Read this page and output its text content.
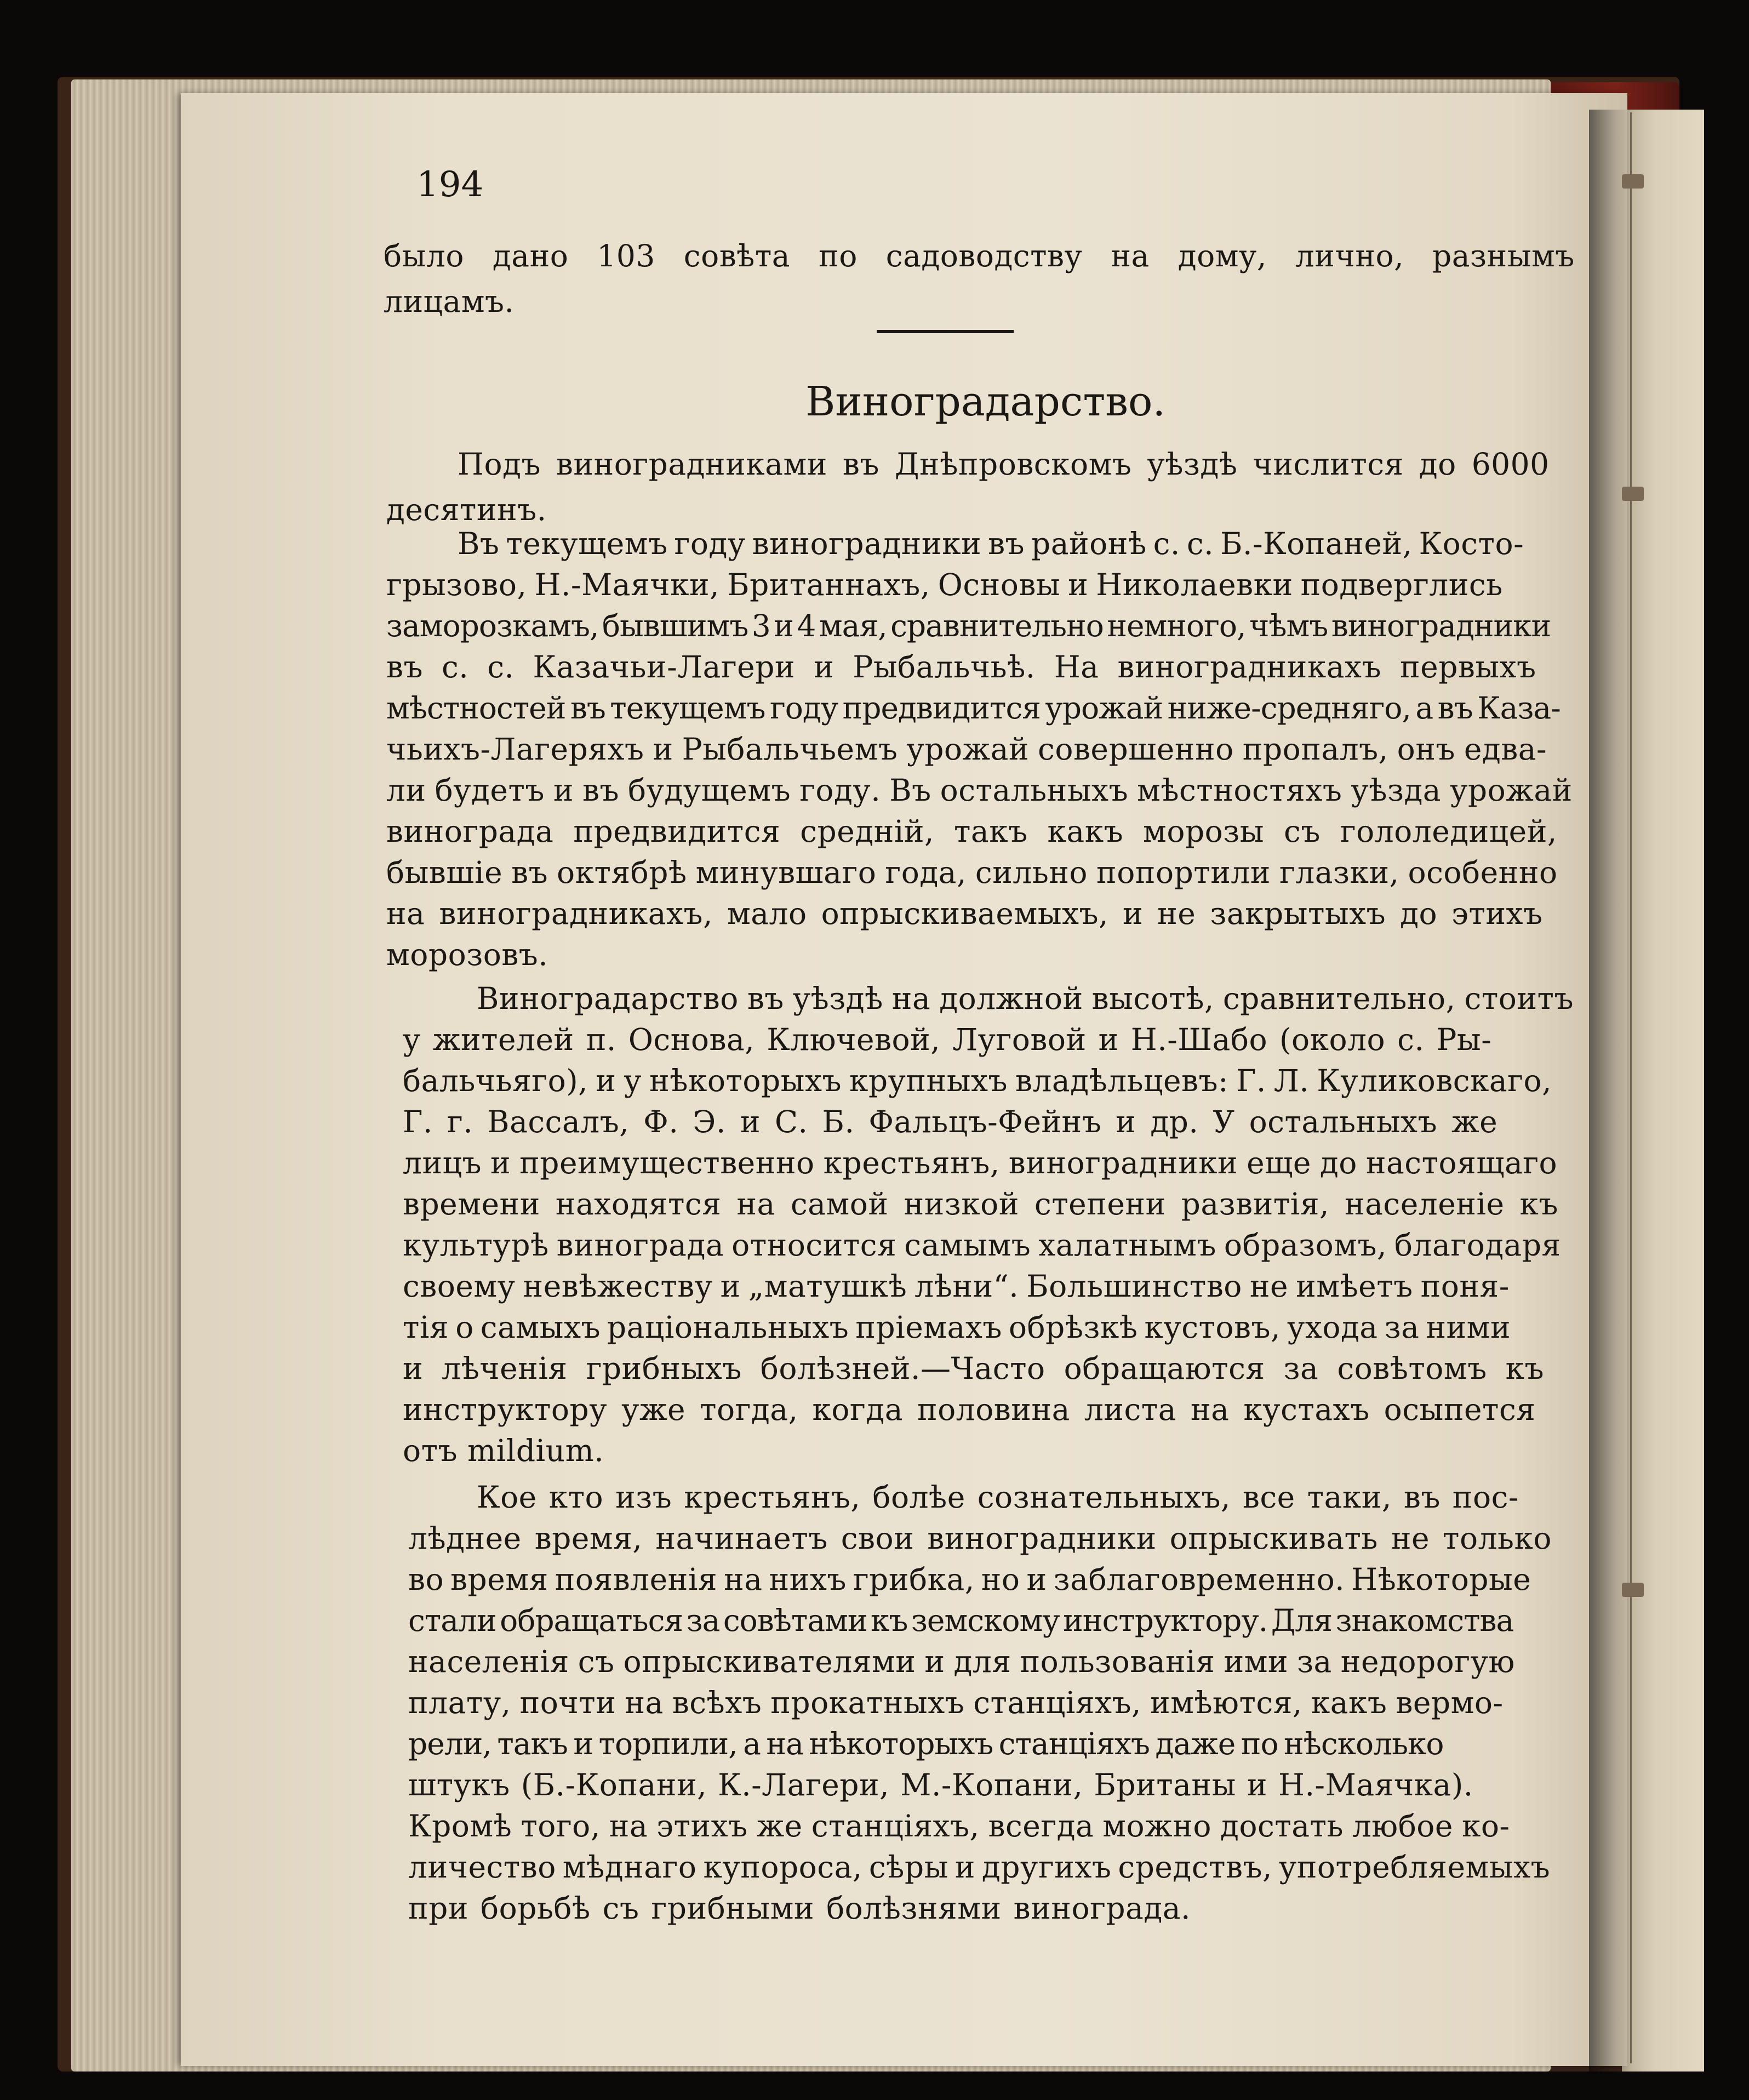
194
было дано 103 совѣта по садоводству на дому, лично, разнымъ
лицамъ.
Виноградарство.
Подъ виноградниками въ Днѣпровскомъ уѣздѣ числится до 6000
десятинъ.
Въ текущемъ году виноградники въ районѣ с. с. Б.-Копаней, Косто-
грызово, Н.-Маячки, Британнахъ, Основы и Николаевки подверглись
заморозкамъ, бывшимъ 3 и 4 мая, сравнительно немного, чѣмъ виноградники
въ с. с. Казачьи-Лагери и Рыбальчьѣ. На виноградникахъ первыхъ
мѣстностей въ текущемъ году предвидится урожай ниже-средняго, а въ Каза-
чьихъ-Лагеряхъ и Рыбальчьемъ урожай совершенно пропалъ, онъ едва-
ли будетъ и въ будущемъ году. Въ остальныхъ мѣстностяхъ уѣзда урожай
винограда предвидится средній, такъ какъ морозы съ гололедицей,
бывшіе въ октябрѣ минувшаго года, сильно попортили глазки, особенно
на виноградникахъ, мало опрыскиваемыхъ, и не закрытыхъ до этихъ
морозовъ.
Виноградарство въ уѣздѣ на должной высотѣ, сравнительно, стоитъ
у жителей п. Основа, Ключевой, Луговой и Н.-Шабо (около с. Ры-
бальчьяго), и у нѣкоторыхъ крупныхъ владѣльцевъ: Г. Л. Куликовскаго,
Г. г. Вассалъ, Ф. Э. и С. Б. Фальцъ-Фейнъ и др. У остальныхъ же
лицъ и преимущественно крестьянъ, виноградники еще до настоящаго
времени находятся на самой низкой степени развитія, населеніе къ
культурѣ винограда относится самымъ халатнымъ образомъ, благодаря
своему невѣжеству и „матушкѣ лѣни“. Большинство не имѣетъ поня-
тія о самыхъ раціональныхъ пріемахъ обрѣзкѣ кустовъ, ухода за ними
и лѣченія грибныхъ болѣзней.—Часто обращаются за совѣтомъ къ
инструктору уже тогда, когда половина листа на кустахъ осыпется
отъ mildium.
Кое кто изъ крестьянъ, болѣе сознательныхъ, все таки, въ пос-
лѣднее время, начинаетъ свои виноградники опрыскивать не только
во время появленія на нихъ грибка, но и заблаговременно. Нѣкоторые
стали обращаться за совѣтами къ земскому инструктору. Для знакомства
населенія съ опрыскивателями и для пользованія ими за недорогую
плату, почти на всѣхъ прокатныхъ станціяхъ, имѣются, какъ вермо-
рели, такъ и торпили, а на нѣкоторыхъ станціяхъ даже по нѣсколько
штукъ (Б.-Копани, К.-Лагери, М.-Копани, Британы и Н.-Маячка).
Кромѣ того, на этихъ же станціяхъ, всегда можно достать любое ко-
личество мѣднаго купороса, сѣры и другихъ средствъ, употребляемыхъ
при борьбѣ съ грибными болѣзнями винограда.
